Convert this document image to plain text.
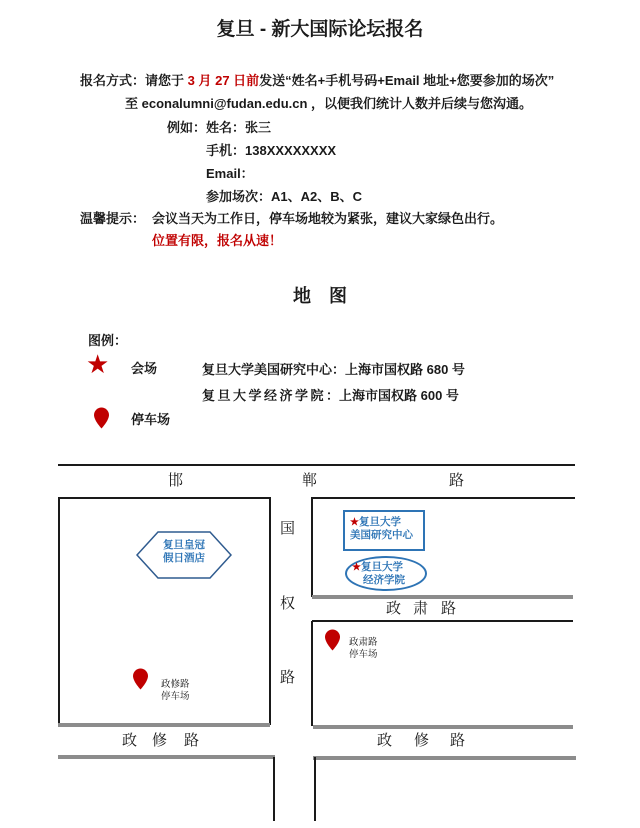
复旦 - 新大国际论坛报名
报名方式：请您于 3 月 27 日前发送“姓名+手机号码+Email 地址+您要参加的场次”
至 econalumni@fudan.edu.cn ，以便我们统计人数并后续与您沟通。
例如： 姓名：张三
手机：138XXXXXXXX
Email：
参加场次：A1、A2、B、C
温馨提示： 会议当天为工作日，停车场地较为紧张，建议大家绿色出行。
位置有限，报名从速！
地　图
图例：
★ 会场	复旦大学美国研究中心：上海市国权路 680 号
复旦大学经济学院：上海市国权路 600 号
停车场
邯	郸	路
国
权
路
政 肃 路
政 修 路	政 修 路
复旦皇冠
假日酒店
★复旦大学
美国研究中心
★复旦大学
经济学院
政肃路
停车场
政修路
停车场
